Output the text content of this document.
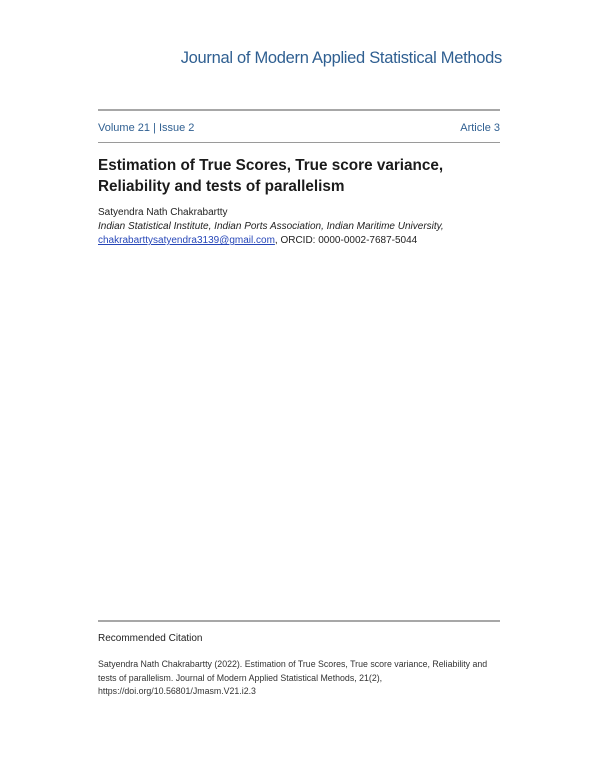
Journal of Modern Applied Statistical Methods
Volume 21 | Issue 2	Article 3
Estimation of True Scores, True score variance, Reliability and tests of parallelism
Satyendra Nath Chakrabartty
Indian Statistical Institute, Indian Ports Association, Indian Maritime University,
chakrabarttysatyendra3139@gmail.com, ORCID: 0000-0002-7687-5044
Recommended Citation
Satyendra Nath Chakrabartty (2022). Estimation of True Scores, True score variance, Reliability and tests of parallelism. Journal of Modern Applied Statistical Methods, 21(2), https://doi.org/10.56801/Jmasm.V21.i2.3
